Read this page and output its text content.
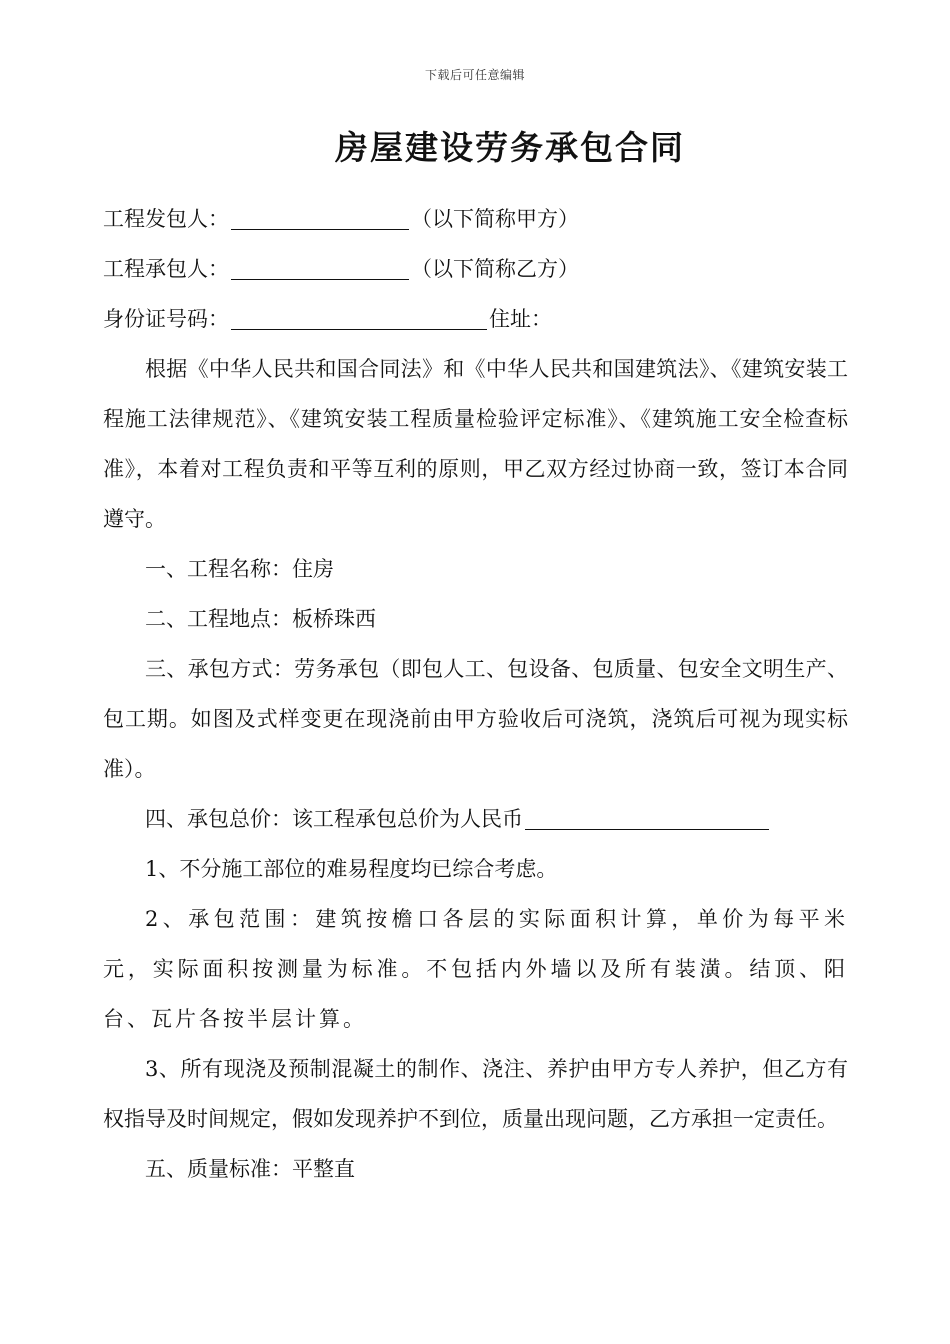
下载后可任意编辑
房屋建设劳务承包合同

工程发包人：	（以下简称甲方）

工程承包人：	（以下简称乙方）

身份证号码：	住址：

根据《中华人民共和国合同法》和《中华人民共和国建筑法》、《建筑安装工程施工法律规范》、《建筑安装工程质量检验评定标准》、《建筑施工安全检查标准》，本着对工程负责和平等互利的原则，甲乙双方经过协商一致，签订本合同遵守。

一、工程名称：住房

二、工程地点：板桥珠西

三、承包方式：劳务承包（即包人工、包设备、包质量、包安全文明生产、包工期。如图及式样变更在现浇前由甲方验收后可浇筑，浇筑后可视为现实标准）。

四、承包总价：该工程承包总价为人民币

1、不分施工部位的难易程度均已综合考虑。

2、承包范围：建筑按檐口各层的实际面积计算，单价为每平米元，实际面积按测量为标准。不包括内外墙以及所有装潢。结顶、阳台、瓦片各按半层计算。

3、所有现浇及预制混凝土的制作、浇注、养护由甲方专人养护，但乙方有权指导及时间规定，假如发现养护不到位，质量出现问题，乙方承担一定责任。

五、质量标准：平整直
